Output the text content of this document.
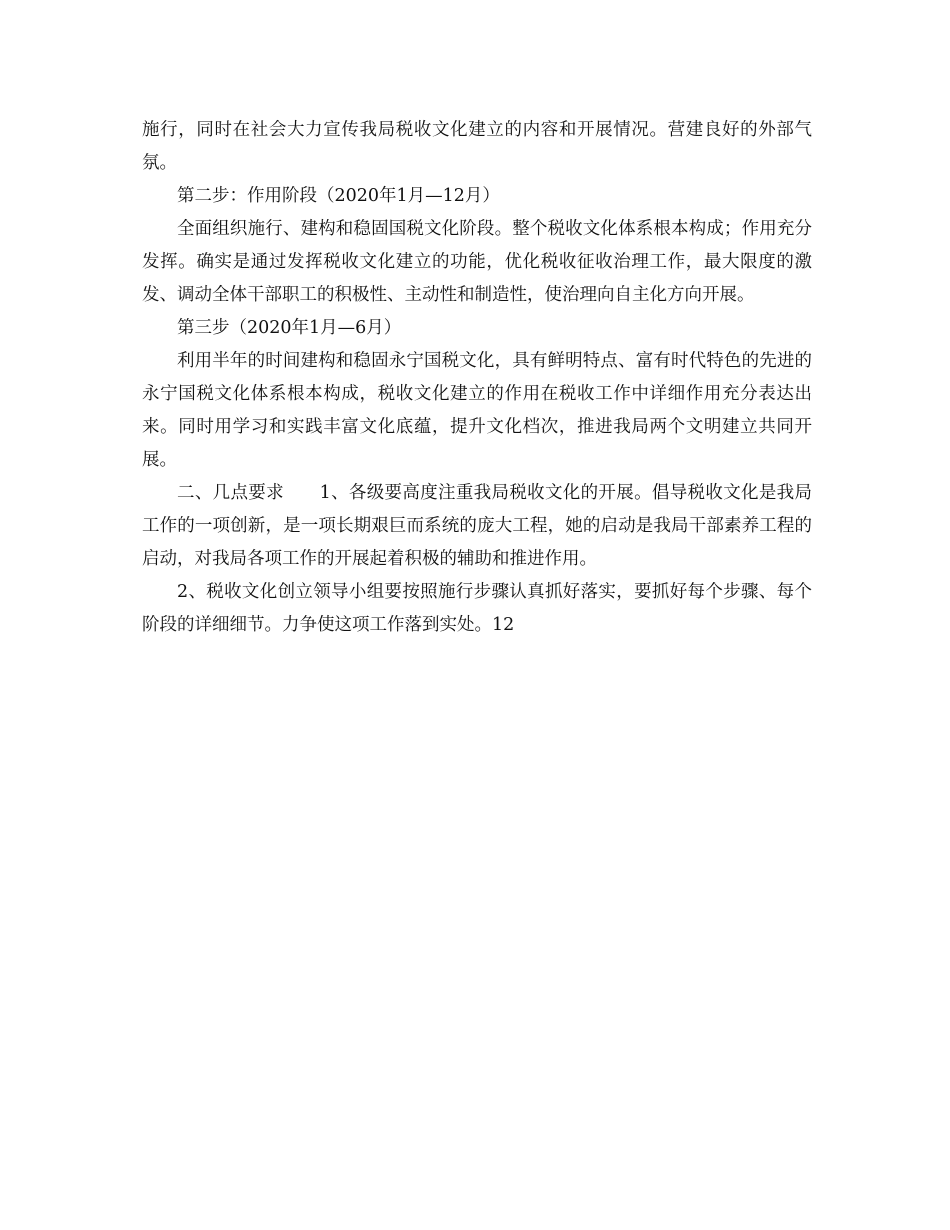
施行，同时在社会大力宣传我局税收文化建立的内容和开展情况。营建良好的外部气氛。

第二步：作用阶段（2020年1月—12月）

全面组织施行、建构和稳固国税文化阶段。整个税收文化体系根本构成；作用充分发挥。确实是通过发挥税收文化建立的功能，优化税收征收治理工作，最大限度的激发、调动全体干部职工的积极性、主动性和制造性，使治理向自主化方向开展。

第三步（2020年1月—6月）

利用半年的时间建构和稳固永宁国税文化，具有鲜明特点、富有时代特色的先进的永宁国税文化体系根本构成，税收文化建立的作用在税收工作中详细作用充分表达出来。同时用学习和实践丰富文化底蕴，提升文化档次，推进我局两个文明建立共同开展。

二、几点要求　　 1、各级要高度注重我局税收文化的开展。倡导税收文化是我局工作的一项创新，是一项长期艰巨而系统的庞大工程，她的启动是我局干部素养工程的启动，对我局各项工作的开展起着积极的辅助和推进作用。

2、税收文化创立领导小组要按照施行步骤认真抓好落实，要抓好每个步骤、每个阶段的详细细节。力争使这项工作落到实处。12
